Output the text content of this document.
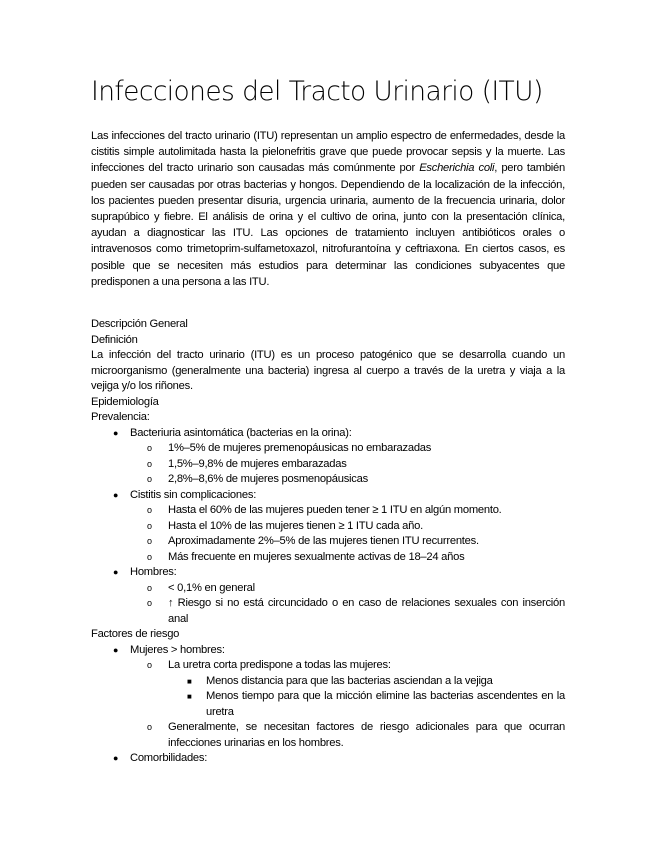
Infecciones del Tracto Urinario (ITU)

Las infecciones del tracto urinario (ITU) representan un amplio espectro de enfermedades, desde la cistitis simple autolimitada hasta la pielonefritis grave que puede provocar sepsis y la muerte. Las infecciones del tracto urinario son causadas más comúnmente por Escherichia coli, pero también pueden ser causadas por otras bacterias y hongos. Dependiendo de la localización de la infección, los pacientes pueden presentar disuria, urgencia urinaria, aumento de la frecuencia urinaria, dolor suprapúbico y fiebre. El análisis de orina y el cultivo de orina, junto con la presentación clínica, ayudan a diagnosticar las ITU. Las opciones de tratamiento incluyen antibióticos orales o intravenosos como trimetoprim-sulfametoxazol, nitrofurantoína y ceftriaxona. En ciertos casos, es posible que se necesiten más estudios para determinar las condiciones subyacentes que predisponen a una persona a las ITU.

Descripción General

Definición

La infección del tracto urinario (ITU) es un proceso patogénico que se desarrolla cuando un microorganismo (generalmente una bacteria) ingresa al cuerpo a través de la uretra y viaja a la vejiga y/o los riñones.

Epidemiología

Prevalencia:

● Bacteriuria asintomática (bacterias en la orina):
o 1%–5% de mujeres premenopáusicas no embarazadas
o 1,5%–9,8% de mujeres embarazadas
o 2,8%–8,6% de mujeres posmenopáusicas
● Cistitis sin complicaciones:
o Hasta el 60% de las mujeres pueden tener ≥ 1 ITU en algún momento.
o Hasta el 10% de las mujeres tienen ≥ 1 ITU cada año.
o Aproximadamente 2%–5% de las mujeres tienen ITU recurrentes.
o Más frecuente en mujeres sexualmente activas de 18–24 años
● Hombres:
o < 0,1% en general
o ↑ Riesgo si no está circuncidado o en caso de relaciones sexuales con inserción anal

Factores de riesgo

● Mujeres > hombres:
o La uretra corta predispone a todas las mujeres:
■ Menos distancia para que las bacterias asciendan a la vejiga
■ Menos tiempo para que la micción elimine las bacterias ascendentes en la uretra
o Generalmente, se necesitan factores de riesgo adicionales para que ocurran infecciones urinarias en los hombres.
● Comorbilidades:
